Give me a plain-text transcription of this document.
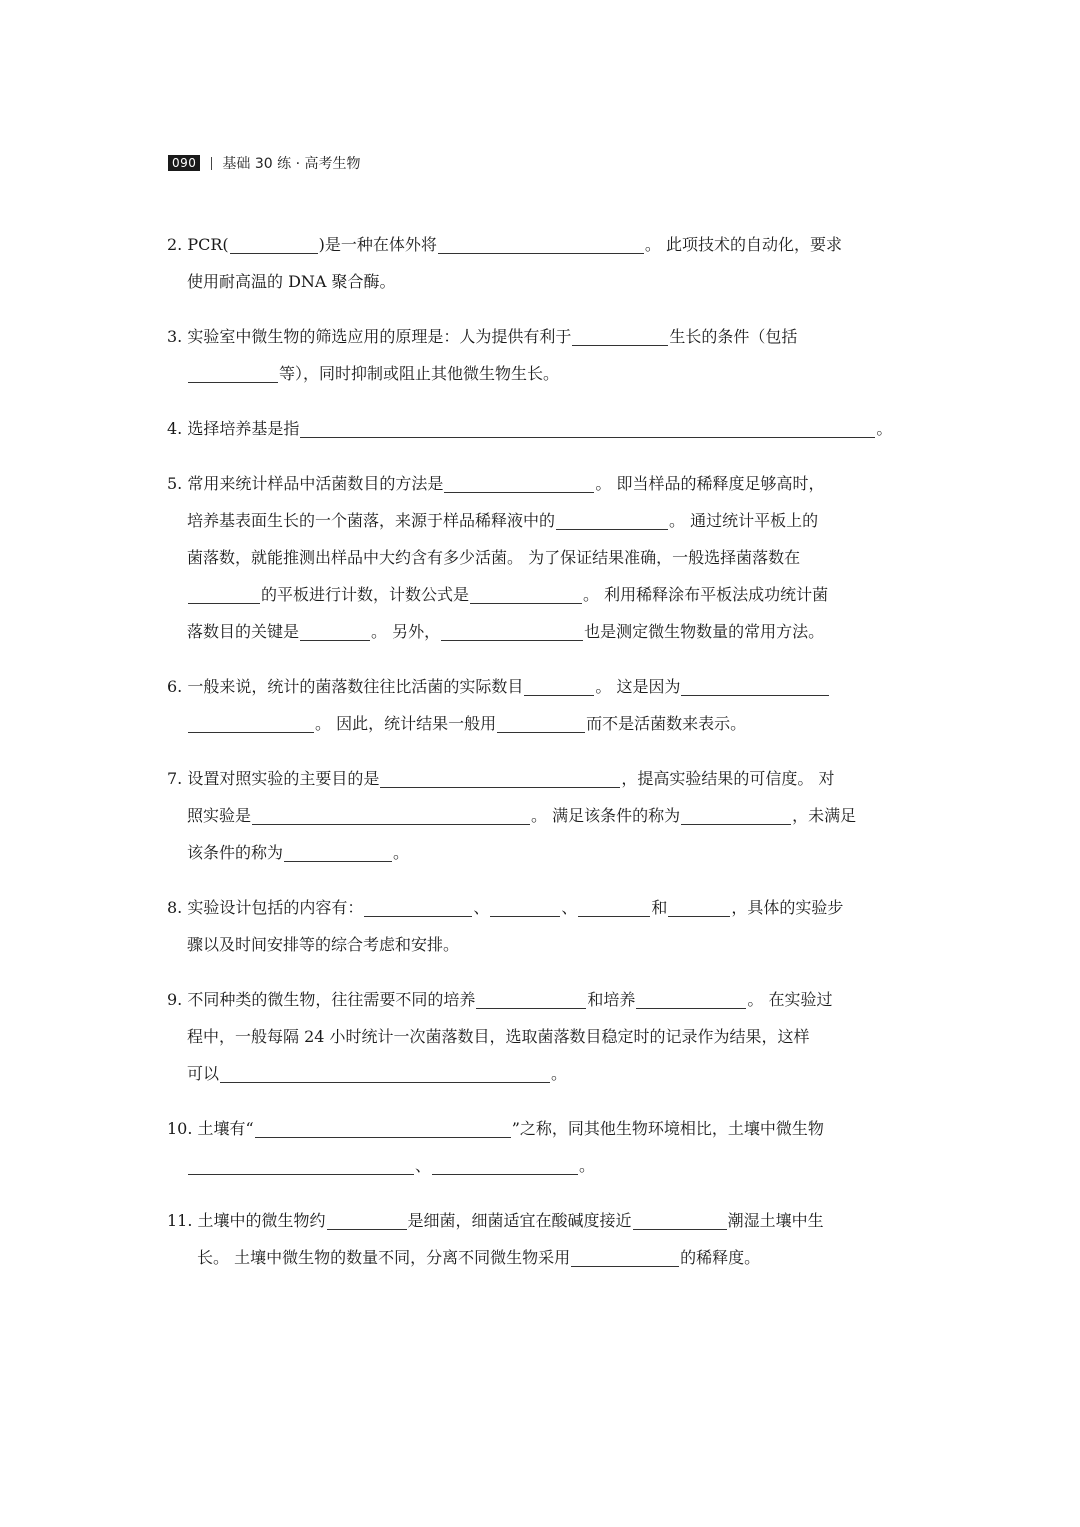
090 基础 30 练 · 高考生物
2. PCR(	)是一种在体外将	。 此项技术的自动化，要求
使用耐高温的 DNA 聚合酶。
3. 实验室中微生物的筛选应用的原理是：人为提供有利于	生长的条件（包括
等），同时抑制或阻止其他微生物生长。
4. 选择培养基是指	。
5. 常用来统计样品中活菌数目的方法是	。 即当样品的稀释度足够高时，
培养基表面生长的一个菌落，来源于样品稀释液中的	。 通过统计平板上的
菌落数，就能推测出样品中大约含有多少活菌。 为了保证结果准确，一般选择菌落数在
的平板进行计数，计数公式是	。 利用稀释涂布平板法成功统计菌
落数目的关键是	。 另外，	也是测定微生物数量的常用方法。
6. 一般来说，统计的菌落数往往比活菌的实际数目	。 这是因为
。 因此，统计结果一般用	而不是活菌数来表示。
7. 设置对照实验的主要目的是	，提高实验结果的可信度。 对
照实验是	。 满足该条件的称为	，未满足
该条件的称为	。
8. 实验设计包括的内容有：	、	、	和	，具体的实验步
骤以及时间安排等的综合考虑和安排。
9. 不同种类的微生物，往往需要不同的培养	和培养	。 在实验过
程中，一般每隔 24 小时统计一次菌落数目，选取菌落数目稳定时的记录作为结果，这样
可以	。
10. 土壤有“	”之称，同其他生物环境相比，土壤中微生物
、	。
11. 土壤中的微生物约	是细菌，细菌适宜在酸碱度接近	潮湿土壤中生
长。 土壤中微生物的数量不同，分离不同微生物采用	的稀释度。
